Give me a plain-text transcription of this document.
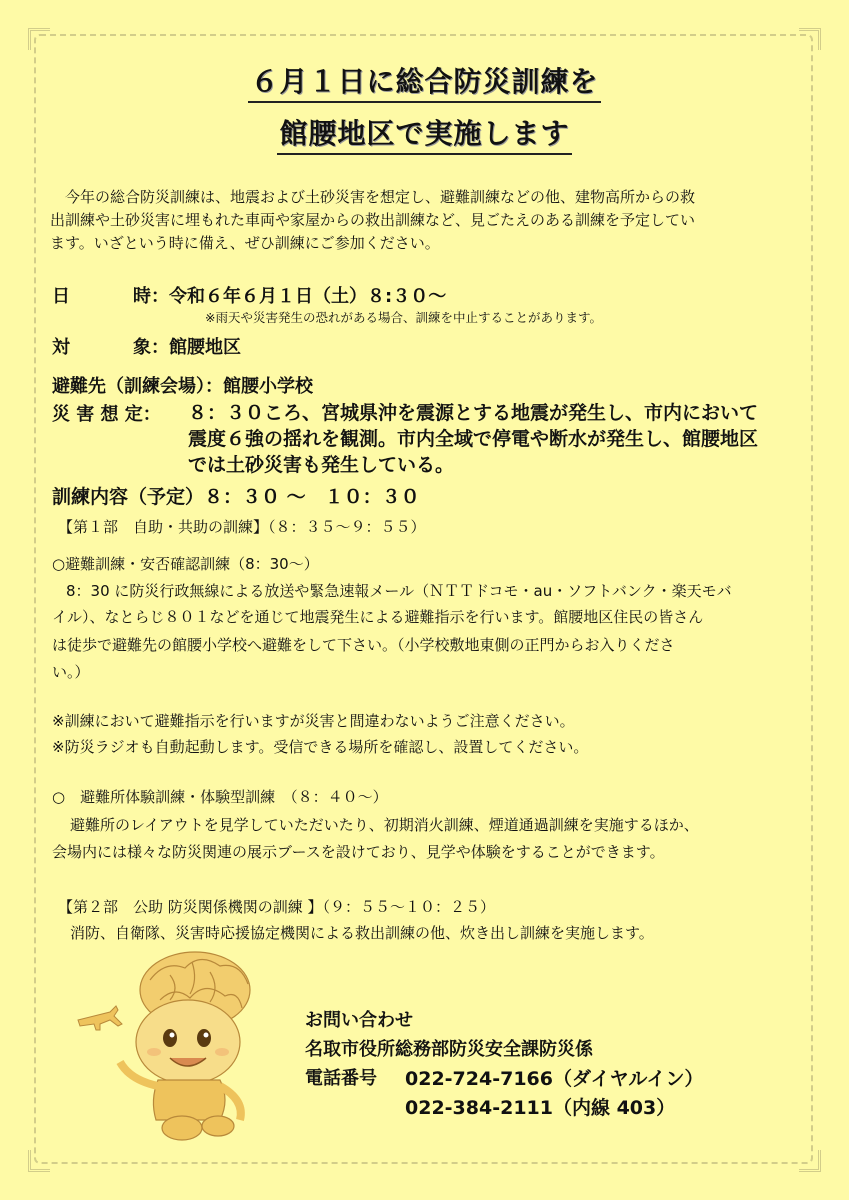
６月１日に総合防災訓練を
館腰地区で実施します

今年の総合防災訓練は、地震および土砂災害を想定し、避難訓練などの他、建物高所からの救

出訓練や土砂災害に埋もれた車両や家屋からの救出訓練など、見ごたえのある訓練を予定してい

ます。いざという時に備え、ぜひ訓練にご参加ください。

日	時：令和６年６月１日（土）８:３０～
※雨天や災害発生の恐れがある場合、訓練を中止することがあります。
対	象：館腰地区
避難先（訓練会場）：館腰小学校
災 害 想 定： ８：３０ころ、宮城県沖を震源とする地震が発生し、市内において
震度６強の揺れを観測。市内全域で停電や断水が発生し、館腰地区
では土砂災害も発生している。
訓練内容（予定）８：３０ ～　１０：３０
【第１部　自助・共助の訓練】（８：３５～９：５５）
○避難訓練・安否確認訓練（8：30～）
8：30 に防災行政無線による放送や緊急速報メール（ＮＴＴドコモ・au・ソフトバンク・楽天モバ
イル）、なとらじ８０１などを通じて地震発生による避難指示を行います。館腰地区住民の皆さん
は徒歩で避難先の館腰小学校へ避難をして下さい。（小学校敷地東側の正門からお入りくださ
い。）
※訓練において避難指示を行いますが災害と間違わないようご注意ください。
※防災ラジオも自動起動します。受信できる場所を確認し、設置してください。
○　避難所体験訓練・体験型訓練　（８：４０～）
避難所のレイアウトを見学していただいたり、初期消火訓練、煙道通過訓練を実施するほか、
会場内には様々な防災関連の展示ブースを設けており、見学や体験をすることができます。
【第２部　公助 防災関係機関の訓練 】（９：５５～１０：２５）
消防、自衛隊、災害時応援協定機関による救出訓練の他、炊き出し訓練を実施します。
お問い合わせ
名取市役所総務部防災安全課防災係
電話番号 022-724-7166（ダイヤルイン）
022-384-2111（内線 403）
